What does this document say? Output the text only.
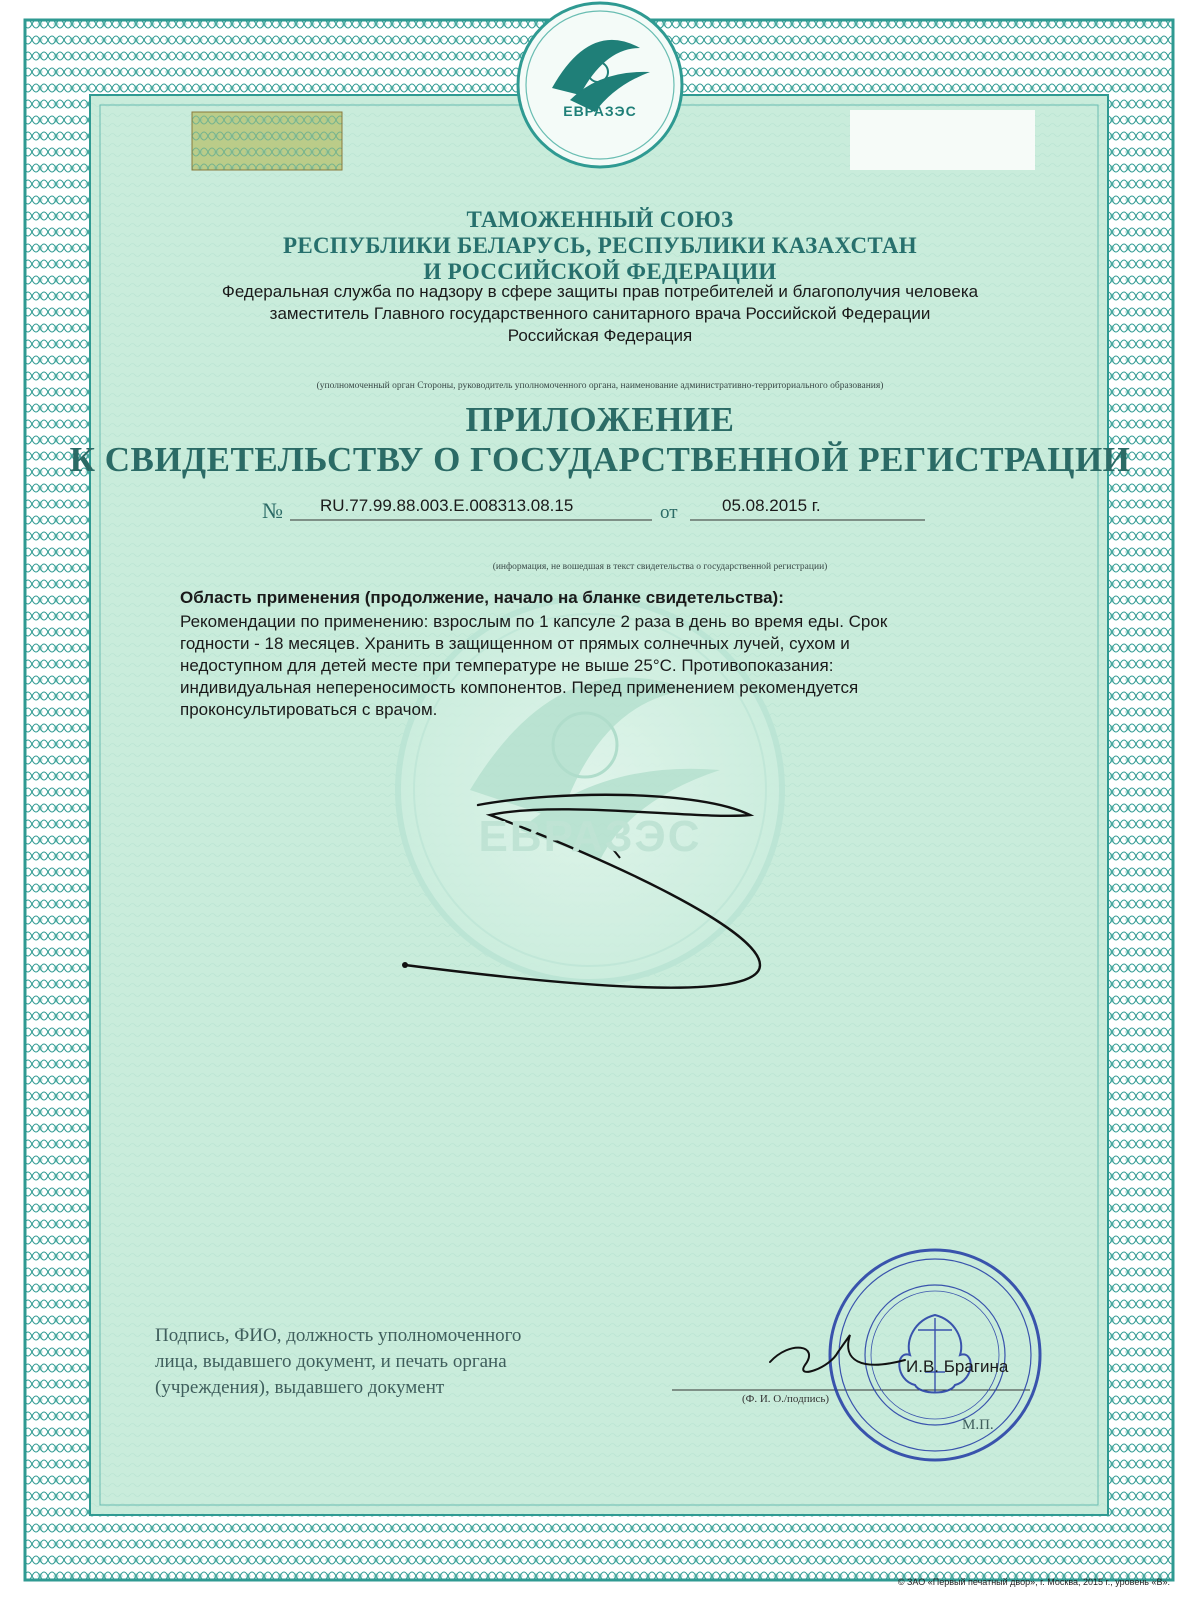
ЕВРАЗЭС
ТАМОЖЕННЫЙ СОЮЗ
РЕСПУБЛИКИ БЕЛАРУСЬ, РЕСПУБЛИКИ КАЗАХСТАН
И РОССИЙСКОЙ ФЕДЕРАЦИИ
Федеральная служба по надзору в сфере защиты прав потребителей и благополучия человека
заместитель Главного государственного санитарного врача Российской Федерации
Российская Федерация
(уполномоченный орган Стороны, руководитель уполномоченного органа, наименование административно-территориального образования)
ПРИЛОЖЕНИЕ
К СВИДЕТЕЛЬСТВУ О ГОСУДАРСТВЕННОЙ РЕГИСТРАЦИИ
№ RU.77.99.88.003.E.008313.08.15	от	05.08.2015 г.
(информация, не вошедшая в текст свидетельства о государственной регистрации)
Область применения (продолжение, начало на бланке свидетельства):
Рекомендации по применению: взрослым по 1 капсуле 2 раза в день во время еды. Срок
годности - 18 месяцев. Хранить в защищенном от прямых солнечных лучей, сухом и
недоступном для детей месте при температуре не выше 25°C. Противопоказания:
индивидуальная непереносимость компонентов. Перед применением рекомендуется
проконсультироваться с врачом.
ЕВРАЗЭС
Подпись, ФИО, должность уполномоченного
лица, выдавшего документ, и печать органа
(учреждения), выдавшего документ
И.В. Брагина
(Ф. И. О./подпись)
М.П.
© ЗАО «Первый печатный двор», г. Москва, 2015 г., уровень «В».
